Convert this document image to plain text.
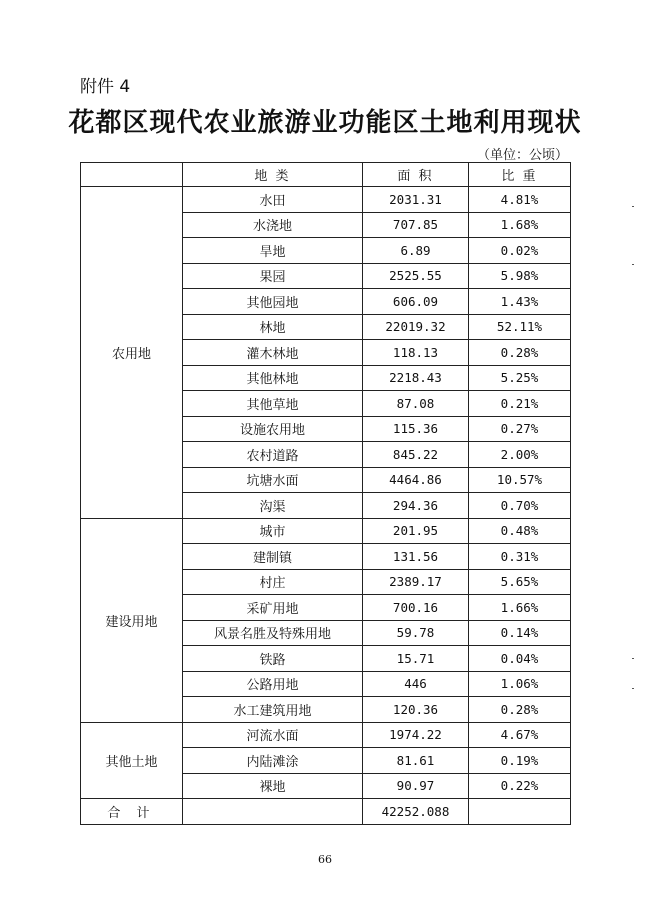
附件 4
花都区现代农业旅游业功能区土地利用现状
（单位：公顷）
	地 类	面 积	比 重
农用地	水田	2031.31	4.81%
	水浇地	707.85	1.68%
	旱地	6.89	0.02%
	果园	2525.55	5.98%
	其他园地	606.09	1.43%
	林地	22019.32	52.11%
	灌木林地	118.13	0.28%
	其他林地	2218.43	5.25%
	其他草地	87.08	0.21%
	设施农用地	115.36	0.27%
	农村道路	845.22	2.00%
	坑塘水面	4464.86	10.57%
	沟渠	294.36	0.70%
建设用地	城市	201.95	0.48%
	建制镇	131.56	0.31%
	村庄	2389.17	5.65%
	采矿用地	700.16	1.66%
	风景名胜及特殊用地	59.78	0.14%
	铁路	15.71	0.04%
	公路用地	446	1.06%
	水工建筑用地	120.36	0.28%
其他土地	河流水面	1974.22	4.67%
	内陆滩涂	81.61	0.19%
	裸地	90.97	0.22%
合 计		42252.088	
66
